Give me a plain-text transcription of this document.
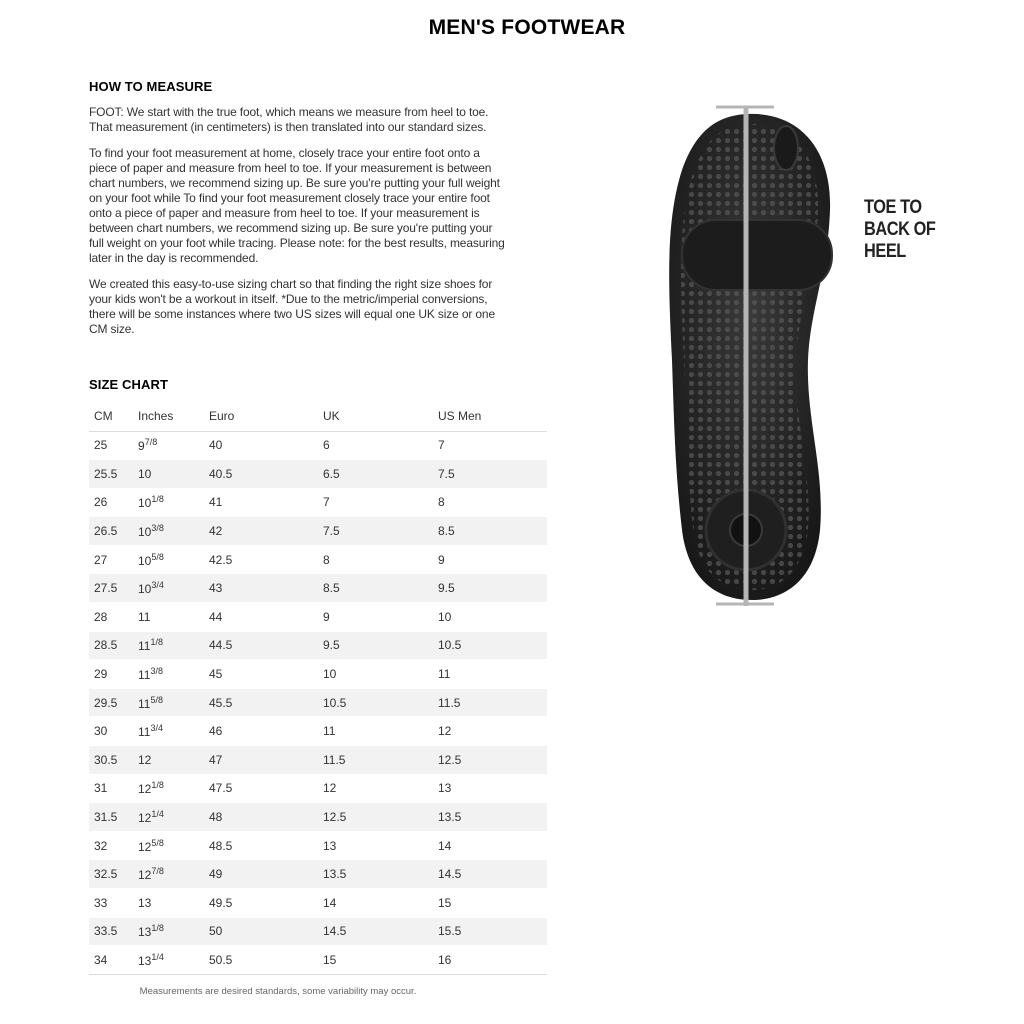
MEN'S FOOTWEAR
HOW TO MEASURE

FOOT: We start with the true foot, which means we measure from heel to toe. That measurement (in centimeters) is then translated into our standard sizes.

To find your foot measurement at home, closely trace your entire foot onto a piece of paper and measure from heel to toe. If your measurement is between chart numbers, we recommend sizing up. Be sure you're putting your full weight on your foot while To find your foot measurement closely trace your entire foot onto a piece of paper and measure from heel to toe. If your measurement is between chart numbers, we recommend sizing up. Be sure you're putting your full weight on your foot while tracing. Please note: for the best results, measuring later in the day is recommended.

We created this easy-to-use sizing chart so that finding the right size shoes for your kids won't be a workout in itself. *Due to the metric/imperial conversions, there will be some instances where two US sizes will equal one UK size or one CM size.

SIZE CHART
CM	Inches	Euro	UK	US Men
25	$9^{7/8}$	40	6	7
25.5	10	40.5	6.5	7.5
26	$10^{1/8}$	41	7	8
26.5	$10^{3/8}$	42	7.5	8.5
27	$10^{5/8}$	42.5	8	9
27.5	$10^{3/4}$	43	8.5	9.5
28	11	44	9	10
28.5	$11^{1/8}$	44.5	9.5	10.5
29	$11^{3/8}$	45	10	11
29.5	$11^{5/8}$	45.5	10.5	11.5
30	$11^{3/4}$	46	11	12
30.5	12	47	11.5	12.5
31	$12^{1/8}$	47.5	12	13
31.5	$12^{1/4}$	48	12.5	13.5
32	$12^{5/8}$	48.5	13	14
32.5	$12^{7/8}$	49	13.5	14.5
33	13	49.5	14	15
33.5	$13^{1/8}$	50	14.5	15.5
34	$13^{1/4}$	50.5	15	16
Measurements are desired standards, some variability may occur.
TOE TO
BACK OF
HEEL
